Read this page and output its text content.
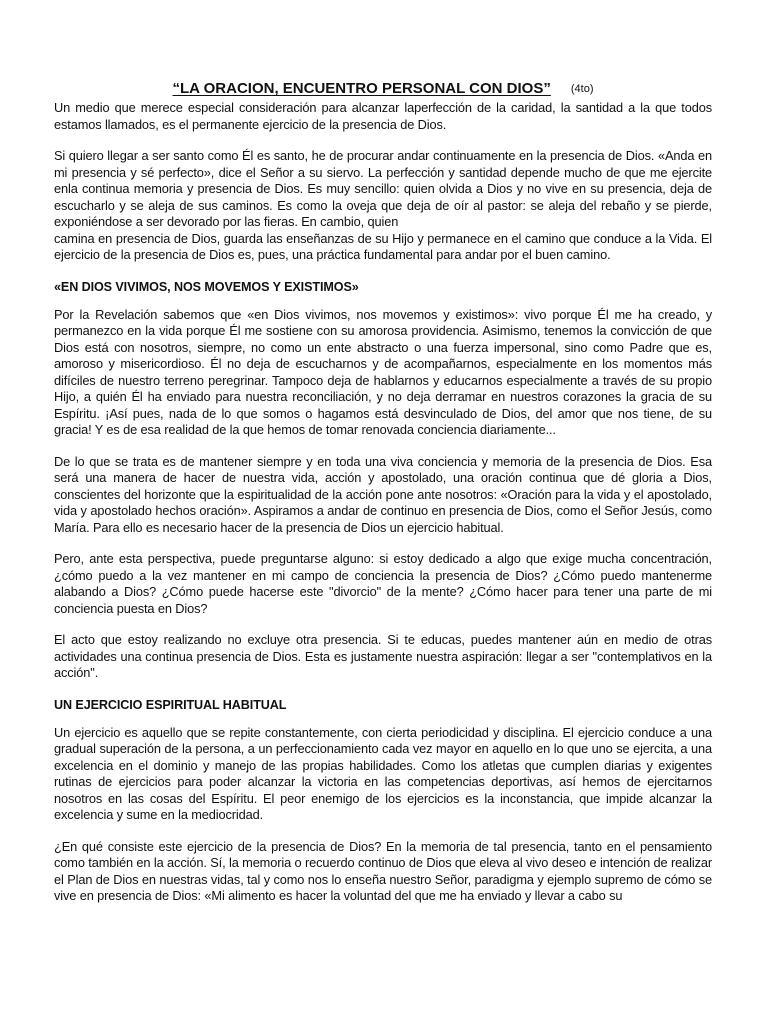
“LA ORACION, ENCUENTRO PERSONAL CON DIOS” (4to)

Un medio que merece especial consideración para alcanzar laperfección de la caridad, la santidad a la que todos estamos llamados, es el permanente ejercicio de la presencia de Dios.

Si quiero llegar a ser santo como Él es santo, he de procurar andar continuamente en la presencia de Dios. «Anda en mi presencia y sé perfecto», dice el Señor a su siervo. La perfección y santidad depende mucho de que me ejercite enla continua memoria y presencia de Dios. Es muy sencillo: quien olvida a Dios y no vive en su presencia, deja de escucharlo y se aleja de sus caminos. Es como la oveja que deja de oír al pastor: se aleja del rebaño y se pierde, exponiéndose a ser devorado por las fieras. En cambio, quien

camina en presencia de Dios, guarda las enseñanzas de su Hijo y permanece en el camino que conduce a la Vida. El ejercicio de la presencia de Dios es, pues, una práctica fundamental para andar por el buen camino.

«EN DIOS VIVIMOS, NOS MOVEMOS Y EXISTIMOS»

Por la Revelación sabemos que «en Dios vivimos, nos movemos y existimos»: vivo porque Él me ha creado, y permanezco en la vida porque Él me sostiene con su amorosa providencia. Asimismo, tenemos la convicción de que Dios está con nosotros, siempre, no como un ente abstracto o una fuerza impersonal, sino como Padre que es, amoroso y misericordioso. Él no deja de escucharnos y de acompañarnos, especialmente en los momentos más difíciles de nuestro terreno peregrinar. Tampoco deja de hablarnos y educarnos especialmente a través de su propio Hijo, a quién Él ha enviado para nuestra reconciliación, y no deja derramar en nuestros corazones la gracia de su Espíritu. ¡Así pues, nada de lo que somos o hagamos está desvinculado de Dios, del amor que nos tiene, de su gracia! Y es de esa realidad de la que hemos de tomar renovada conciencia diariamente...

De lo que se trata es de mantener siempre y en toda una viva conciencia y memoria de la presencia de Dios. Esa será una manera de hacer de nuestra vida, acción y apostolado, una oración continua que dé gloria a Dios, conscientes del horizonte que la espiritualidad de la acción pone ante nosotros: «Oración para la vida y el apostolado, vida y apostolado hechos oración». Aspiramos a andar de continuo en presencia de Dios, como el Señor Jesús, como María. Para ello es necesario hacer de la presencia de Dios un ejercicio habitual.

Pero, ante esta perspectiva, puede preguntarse alguno: si estoy dedicado a algo que exige mucha concentración, ¿cómo puedo a la vez mantener en mi campo de conciencia la presencia de Dios? ¿Cómo puedo mantenerme alabando a Dios? ¿Cómo puede hacerse este "divorcio" de la mente? ¿Cómo hacer para tener una parte de mi conciencia puesta en Dios?

El acto que estoy realizando no excluye otra presencia. Si te educas, puedes mantener aún en medio de otras actividades una continua presencia de Dios. Esta es justamente nuestra aspiración: llegar a ser "contemplativos en la acción".

UN EJERCICIO ESPIRITUAL HABITUAL

Un ejercicio es aquello que se repite constantemente, con cierta periodicidad y disciplina. El ejercicio conduce a una gradual superación de la persona, a un perfeccionamiento cada vez mayor en aquello en lo que uno se ejercita, a una excelencia en el dominio y manejo de las propias habilidades. Como los atletas que cumplen diarias y exigentes rutinas de ejercicios para poder alcanzar la victoria en las competencias deportivas, así hemos de ejercitarnos nosotros en las cosas del Espíritu. El peor enemigo de los ejercicios es la inconstancia, que impide alcanzar la excelencia y sume en la mediocridad.

¿En qué consiste este ejercicio de la presencia de Dios? En la memoria de tal presencia, tanto en el pensamiento como también en la acción. Sí, la memoria o recuerdo continuo de Dios que eleva al vivo deseo e intención de realizar el Plan de Dios en nuestras vidas, tal y como nos lo enseña nuestro Señor, paradigma y ejemplo supremo de cómo se vive en presencia de Dios: «Mi alimento es hacer la voluntad del que me ha enviado y llevar a cabo su
